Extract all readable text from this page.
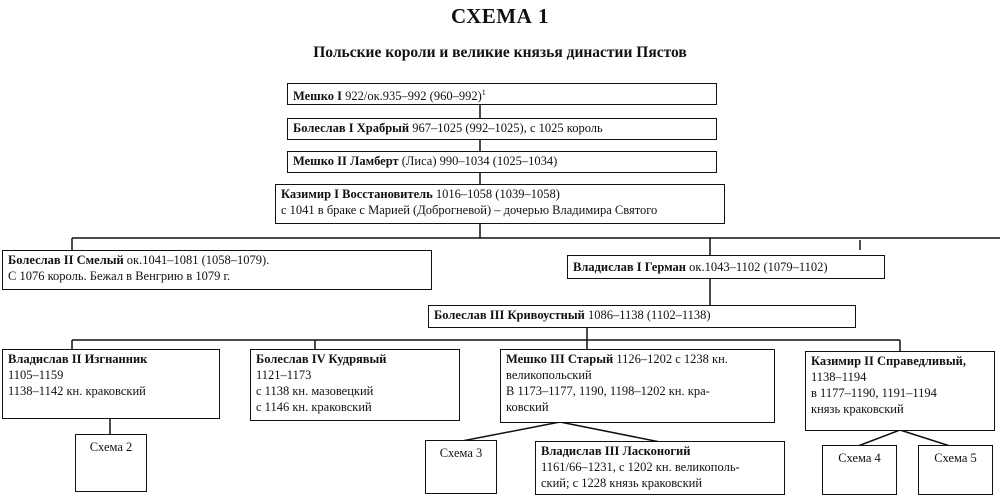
СХЕМА 1
Польские короли и великие князья династии Пястов
Мешко I 922/ок.935–992 $(960-992)^1$
Болеслав I Храбрый 967–1025 (992–1025), с 1025 король
Мешко II Ламберт (Лиса) 990–1034 (1025–1034)
Казимир I Восстановитель 1016–1058 (1039–1058)
с 1041 в браке с Марией (Доброгневой) – дочерью Владимира Святого
Болеслав II Смелый ок.1041–1081 (1058–1079).
С 1076 король. Бежал в Венгрию в 1079 г.
Владислав I Герман ок.1043–1102 (1079–1102)
Болеслав III Кривоустный 1086–1138 (1102–1138)
Владислав II Изгнанник
1105–1159
1138–1142 кн. краковский
Болеслав IV Кудрявый
1121–1173
с 1138 кн. мазовецкий
с 1146 кн. краковский
Мешко III Старый 1126–1202 с 1238 кн.
великопольский
В 1173–1177, 1190, 1198–1202 кн. кра-
ковский
Казимир II Справедливый,
1138–1194
в 1177–1190, 1191–1194
князь краковский
Схема 2	Схема 3	Владислав III Ласконогий
1161/66–1231, с 1202 кн. великополь-
ский; с 1228 князь краковский
Схема 4	Схема 5
